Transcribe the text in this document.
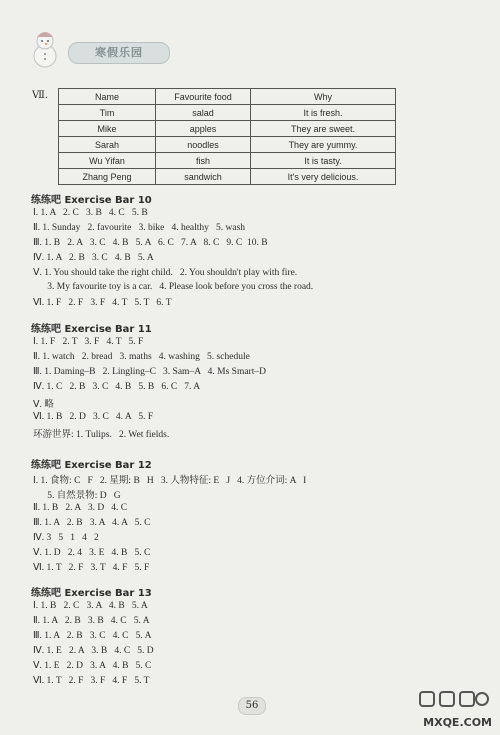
寒假乐园
Ⅶ.	Name	Favourite food	Why
Tim	salad	It is fresh.
Mike	apples	They are sweet.
Sarah	noodles	They are yummy.
Wu Yifan	fish	It is tasty.
Zhang Peng	sandwich	It's very delicious.
练练吧 Exercise Bar 10
Ⅰ. 1. A   2. C   3. B   4. C   5. B
Ⅱ. 1. Sunday   2. favourite   3. bike   4. healthy   5. wash
Ⅲ. 1. B   2. A   3. C   4. B   5. A   6. C   7. A   8. C   9. C  10. B
Ⅳ. 1. A   2. B   3. C   4. B   5. A
Ⅴ. 1. You should take the right child.   2. You shouldn't play with fire.
3. My favourite toy is a car.   4. Please look before you cross the road.
Ⅵ. 1. F   2. F   3. F   4. T   5. T   6. T
练练吧 Exercise Bar 11
Ⅰ. 1. F   2. T   3. F   4. T   5. F
Ⅱ. 1. watch   2. bread   3. maths   4. washing   5. schedule
Ⅲ. 1. Daming–B   2. Lingling–C   3. Sam–A   4. Ms Smart–D
Ⅳ. 1. C   2. B   3. C   4. B   5. B   6. C   7. A
Ⅴ. 略
Ⅵ. 1. B   2. D   3. C   4. A   5. F
环游世界: 1. Tulips.   2. Wet fields.
练练吧 Exercise Bar 12
Ⅰ. 1. 食物: C   F   2. 星期: B   H   3. 人物特征: E   J   4. 方位介词: A   I
5. 自然景物: D   G
Ⅱ. 1. B   2. A   3. D   4. C
Ⅲ. 1. A   2. B   3. A   4. A   5. C
Ⅳ. 3   5   1   4   2
Ⅴ. 1. D   2. 4   3. E   4. B   5. C
Ⅵ. 1. T   2. F   3. T   4. F   5. F
练练吧 Exercise Bar 13
Ⅰ. 1. B   2. C   3. A   4. B   5. A
Ⅱ. 1. A   2. B   3. B   4. C   5. A
Ⅲ. 1. A   2. B   3. C   4. C   5. A
Ⅳ. 1. E   2. A   3. B   4. C   5. D
Ⅴ. 1. E   2. D   3. A   4. B   5. C
Ⅵ. 1. T   2. F   3. F   4. F   5. T
56
MXQE.COM
